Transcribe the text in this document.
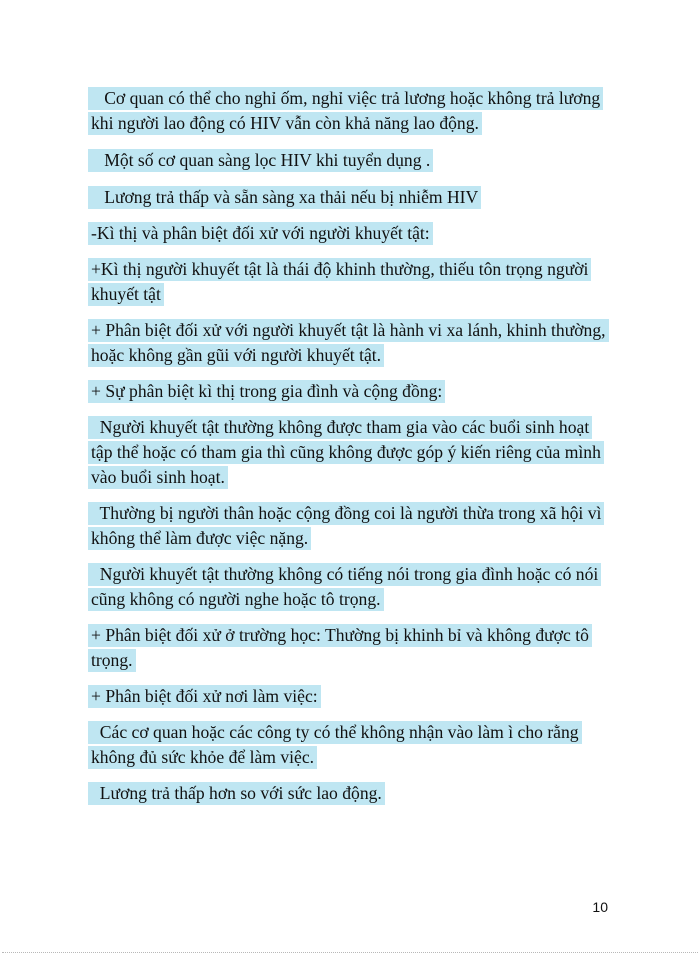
Cơ quan có thể cho nghỉ ốm, nghỉ việc trả lương hoặc không trả lương khi người lao động có HIV vẫn còn khả năng lao động.

Một số cơ quan sàng lọc HIV khi tuyển dụng .

Lương trả thấp và sẵn sàng xa thải nếu bị nhiễm HIV

-Kì thị và phân biệt đối xử với người khuyết tật:

+Kì thị người khuyết tật là thái độ khinh thường, thiếu tôn trọng người khuyết tật

+ Phân biệt đối xử với người khuyết tật là hành vi xa lánh, khinh thường, hoặc không gần gũi với người khuyết tật.

+ Sự phân biệt kì thị trong gia đình và cộng đồng:

Người khuyết tật thường không được tham gia vào các buổi sinh hoạt tập thể hoặc có tham gia thì cũng không được góp ý kiến riêng của mình vào buổi sinh hoạt.

Thường bị người thân hoặc cộng đồng coi là người thừa trong xã hội vì không thể làm được việc nặng.

Người khuyết tật thường không có tiếng nói trong gia đình hoặc có nói cũng không có người nghe hoặc tô trọng.

+ Phân biệt đối xử ở trường học: Thường bị khinh bỉ và không được tô trọng.

+ Phân biệt đối xử nơi làm việc:

Các cơ quan hoặc các công ty có thể không nhận vào làm ì cho rằng không đủ sức khỏe để làm việc.

Lương trả thấp hơn so với sức lao động.

10
